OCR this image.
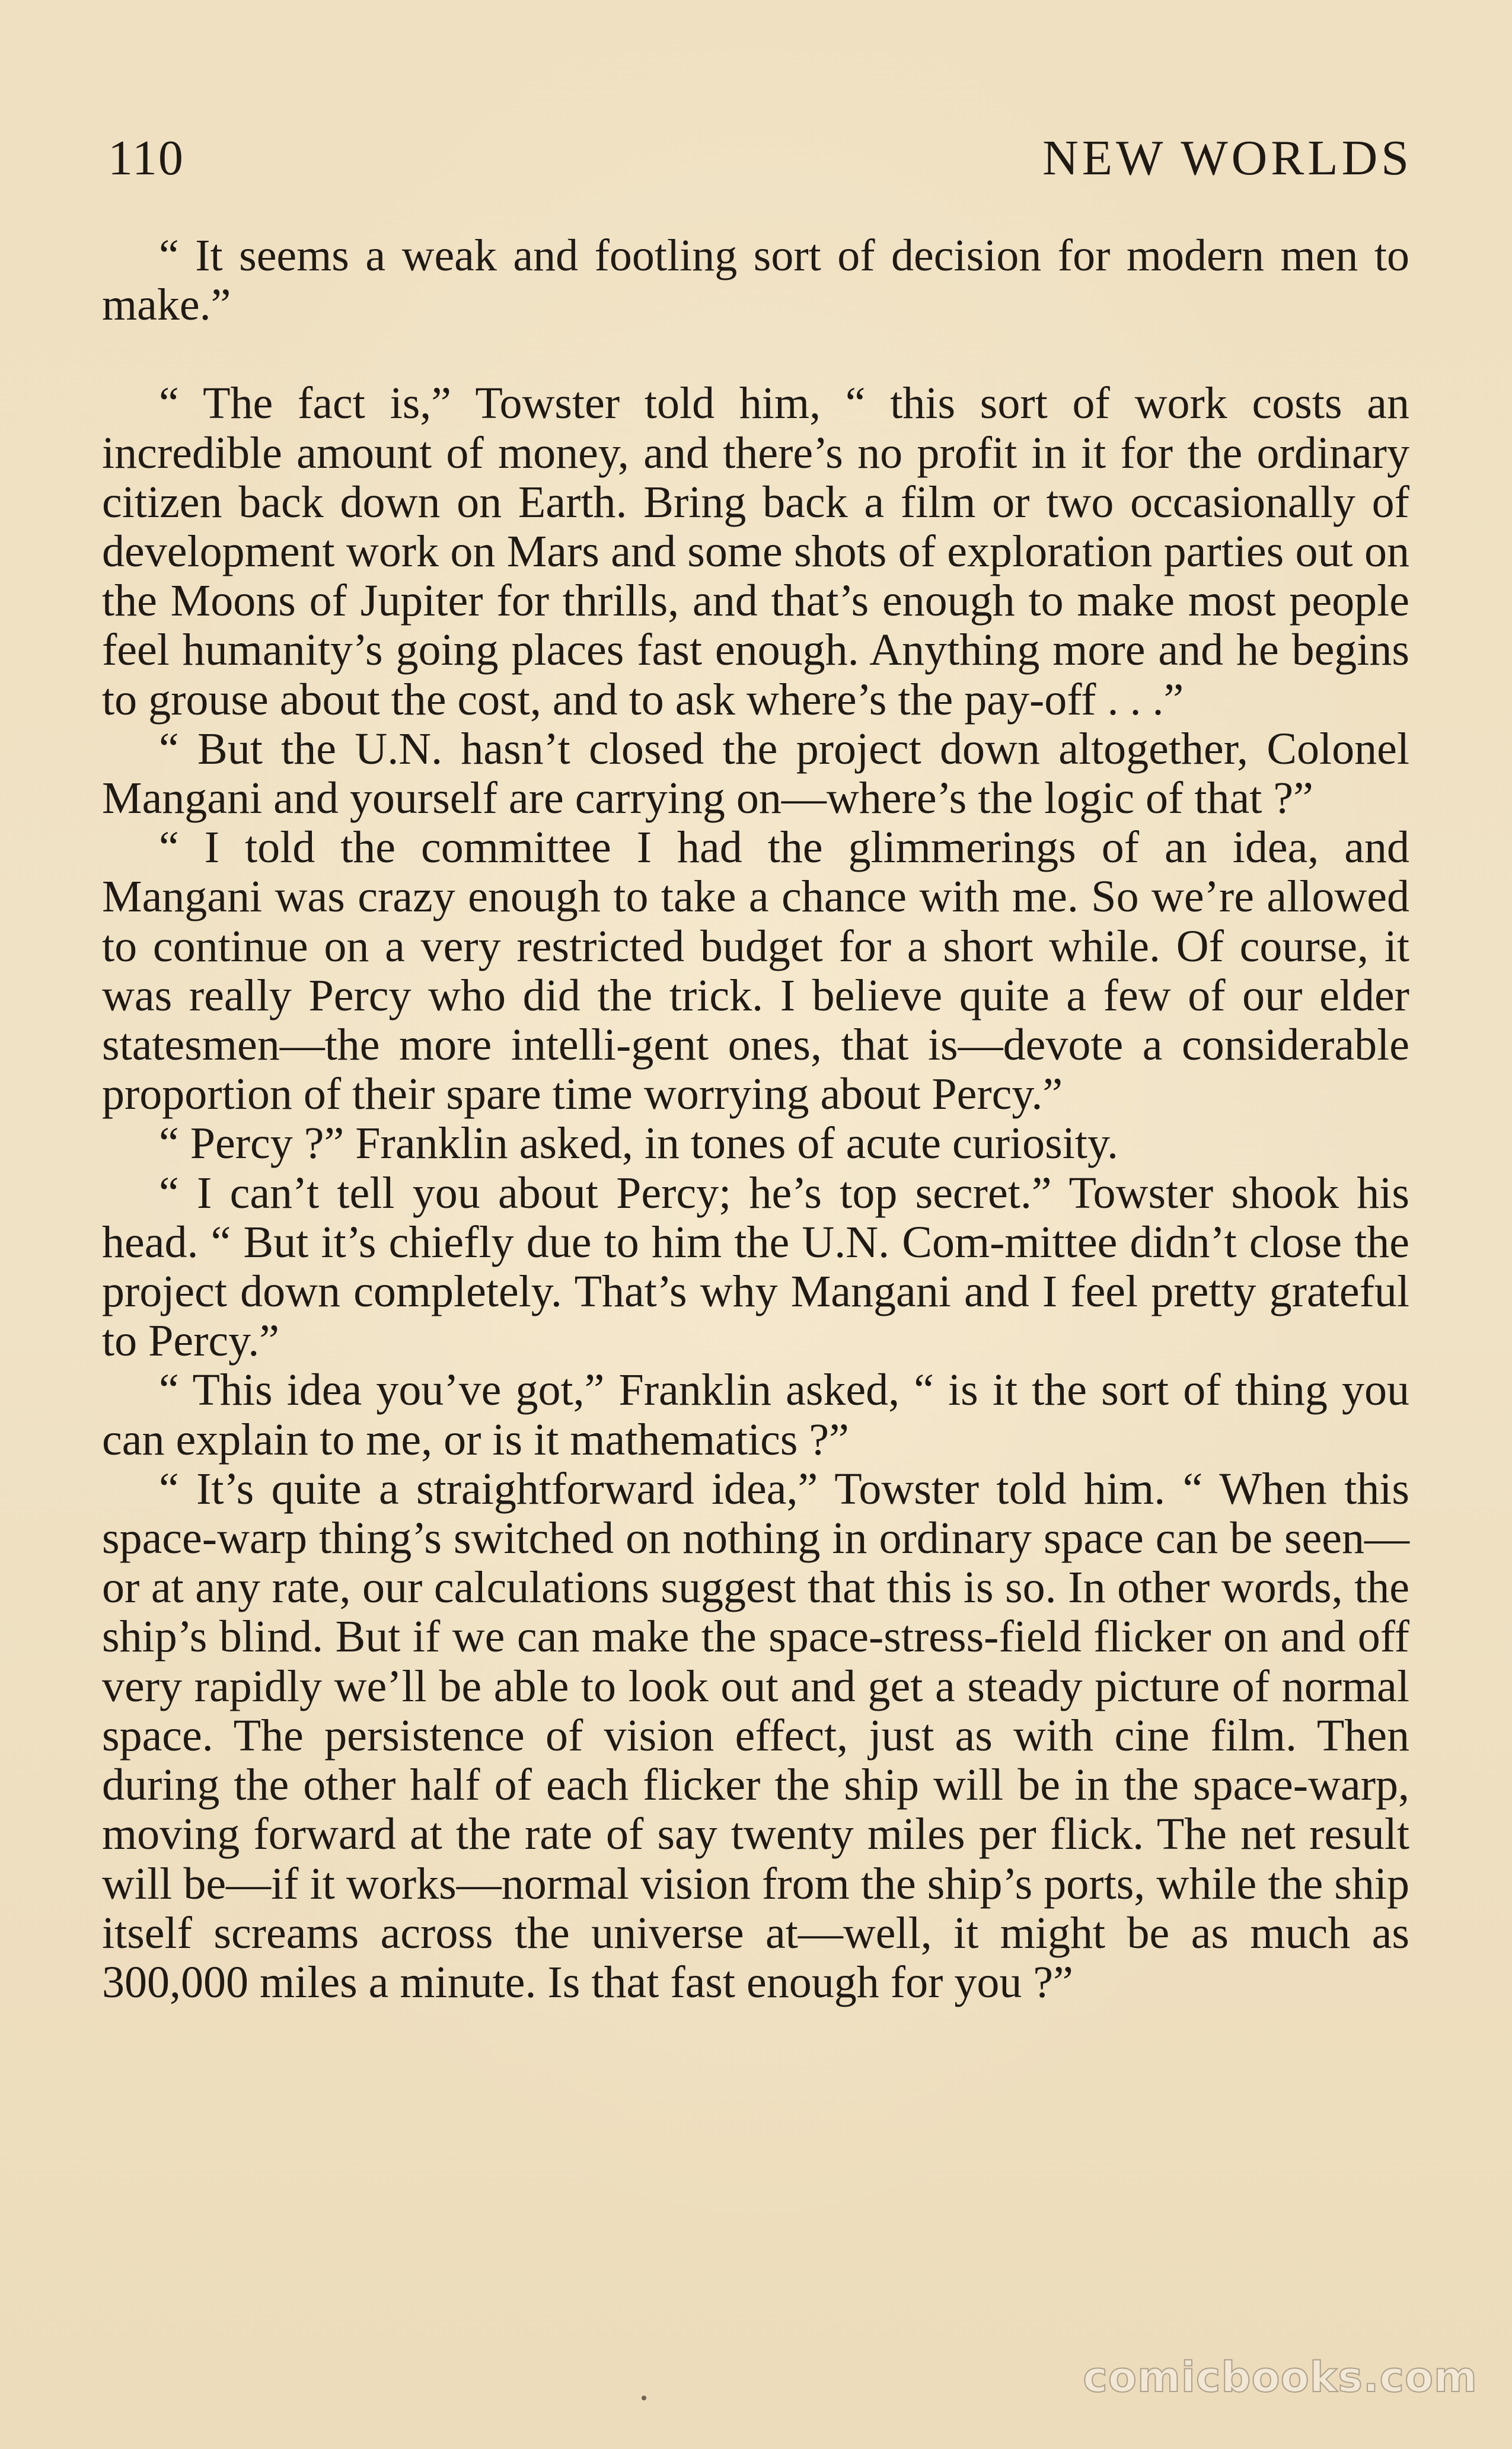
110	NEW WORLDS

“ It seems a weak and footling sort of decision for modern men to make.”

“ The fact is,” Towster told him, “ this sort of work costs an incredible amount of money, and there’s no profit in it for the ordinary citizen back down on Earth. Bring back a film or two occasionally of development work on Mars and some shots of exploration parties out on the Moons of Jupiter for thrills, and that’s enough to make most people feel humanity’s going places fast enough. Anything more and he begins to grouse about the cost, and to ask where’s the pay-off . . .”

“ But the U.N. hasn’t closed the project down altogether, Colonel Mangani and yourself are carrying on—where’s the logic of that ?”

“ I told the committee I had the glimmerings of an idea, and Mangani was crazy enough to take a chance with me. So we’re allowed to continue on a very restricted budget for a short while. Of course, it was really Percy who did the trick. I believe quite a few of our elder statesmen—the more intelli-gent ones, that is—devote a considerable proportion of their spare time worrying about Percy.”

“ Percy ?” Franklin asked, in tones of acute curiosity.

“ I can’t tell you about Percy; he’s top secret.” Towster shook his head. “ But it’s chiefly due to him the U.N. Com-mittee didn’t close the project down completely. That’s why Mangani and I feel pretty grateful to Percy.”

“ This idea you’ve got,” Franklin asked, “ is it the sort of thing you can explain to me, or is it mathematics ?”

“ It’s quite a straightforward idea,” Towster told him. “ When this space-warp thing’s switched on nothing in ordinary space can be seen—or at any rate, our calculations suggest that this is so. In other words, the ship’s blind. But if we can make the space-stress-field flicker on and off very rapidly we’ll be able to look out and get a steady picture of normal space. The persistence of vision effect, just as with cine film. Then during the other half of each flicker the ship will be in the space-warp, moving forward at the rate of say twenty miles per flick. The net result will be—if it works—normal vision from the ship’s ports, while the ship itself screams across the universe at—well, it might be as much as 300,000 miles a minute. Is that fast enough for you ?”

comicbooks.com
